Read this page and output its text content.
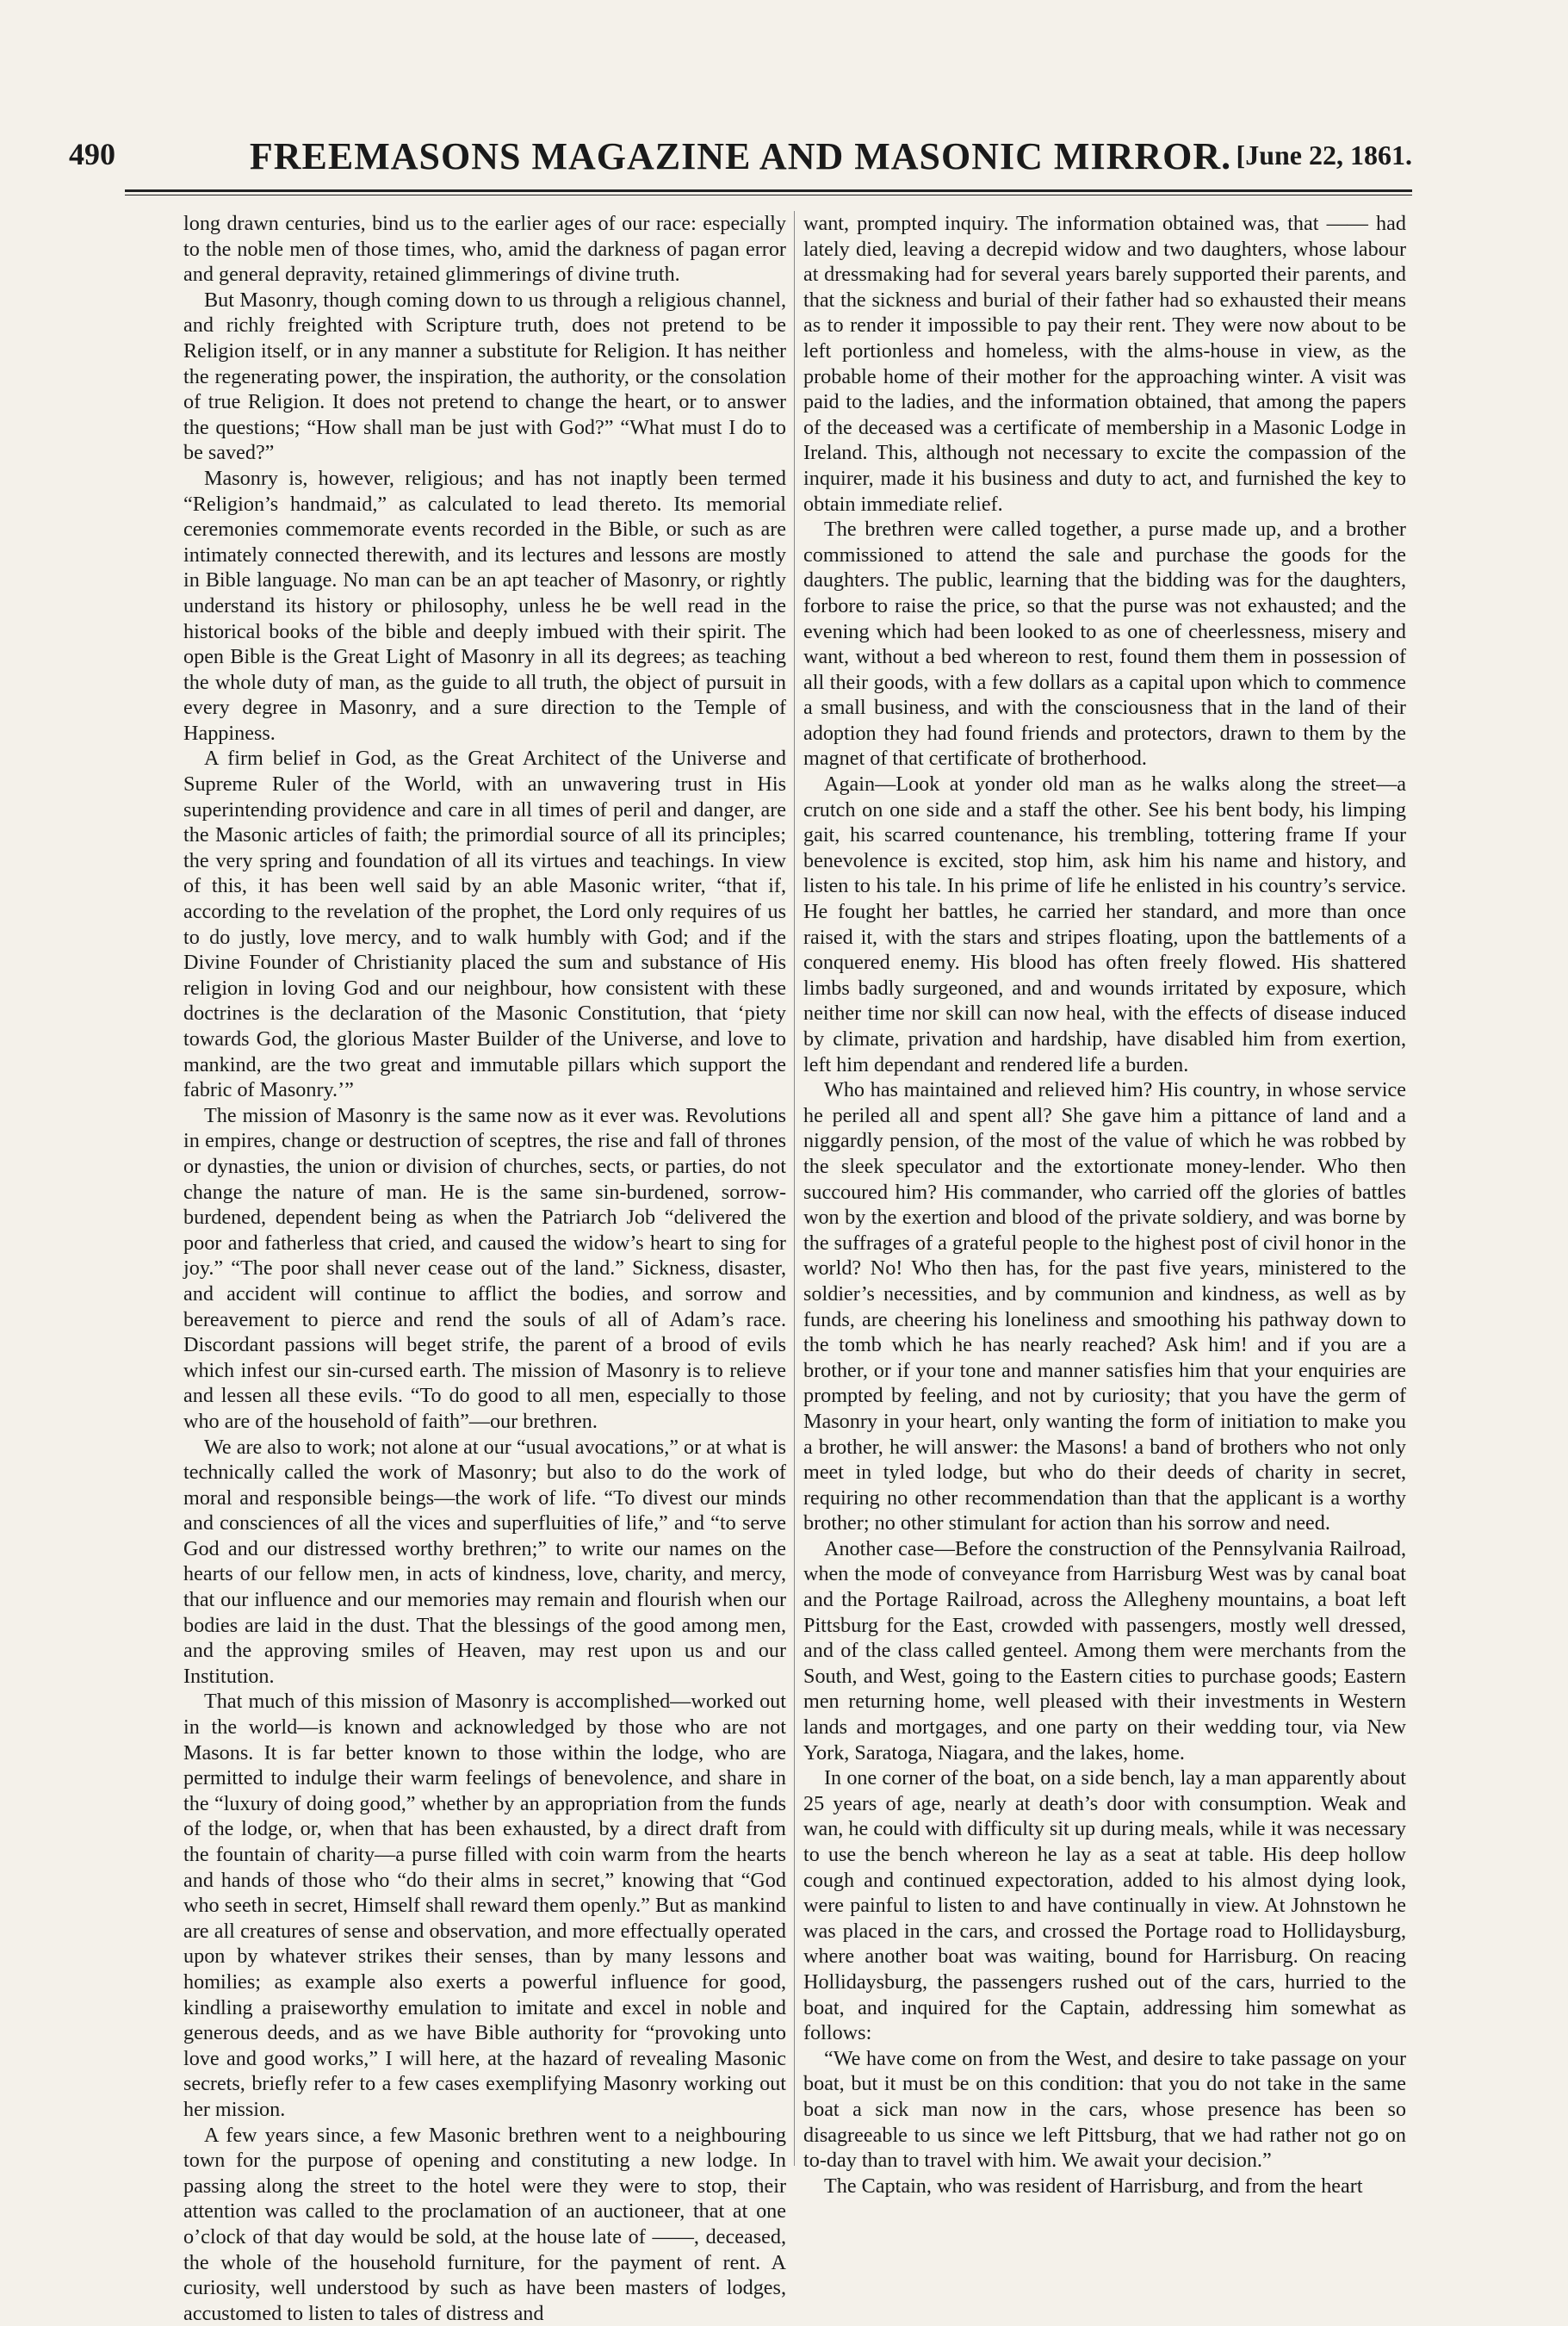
490	FREEMASONS MAGAZINE AND MASONIC MIRROR. [June 22, 1861.

long drawn centuries, bind us to the earlier ages of our race: especially to the noble men of those times, who, amid the darkness of pagan error and general depravity, retained glimmerings of divine truth.

But Masonry, though coming down to us through a religious channel, and richly freighted with Scripture truth, does not pretend to be Religion itself, or in any manner a substitute for Religion. It has neither the regenerating power, the inspiration, the authority, or the consolation of true Religion. It does not pretend to change the heart, or to answer the questions; “How shall man be just with God?” “What must I do to be saved?”

Masonry is, however, religious; and has not inaptly been termed “Religion’s handmaid,” as calculated to lead thereto. Its memorial ceremonies commemorate events recorded in the Bible, or such as are intimately connected therewith, and its lectures and lessons are mostly in Bible language. No man can be an apt teacher of Masonry, or rightly understand its history or philosophy, unless he be well read in the historical books of the bible and deeply imbued with their spirit. The open Bible is the Great Light of Masonry in all its degrees; as teaching the whole duty of man, as the guide to all truth, the object of pursuit in every degree in Masonry, and a sure direction to the Temple of Happiness.

A firm belief in God, as the Great Architect of the Universe and Supreme Ruler of the World, with an unwavering trust in His superintending providence and care in all times of peril and danger, are the Masonic articles of faith; the primordial source of all its principles; the very spring and foundation of all its virtues and teachings. In view of this, it has been well said by an able Masonic writer, “that if, according to the revelation of the prophet, the Lord only requires of us to do justly, love mercy, and to walk humbly with God; and if the Divine Founder of Christianity placed the sum and substance of His religion in loving God and our neighbour, how consistent with these doctrines is the declaration of the Masonic Constitution, that ‘piety towards God, the glorious Master Builder of the Universe, and love to mankind, are the two great and immutable pillars which support the fabric of Masonry.’”

The mission of Masonry is the same now as it ever was. Revolutions in empires, change or destruction of sceptres, the rise and fall of thrones or dynasties, the union or division of churches, sects, or parties, do not change the nature of man. He is the same sin-burdened, sorrow-burdened, dependent being as when the Patriarch Job “delivered the poor and fatherless that cried, and caused the widow’s heart to sing for joy.” “The poor shall never cease out of the land.” Sickness, disaster, and accident will continue to afflict the bodies, and sorrow and bereavement to pierce and rend the souls of all of Adam’s race. Discordant passions will beget strife, the parent of a brood of evils which infest our sin-cursed earth. The mission of Masonry is to relieve and lessen all these evils. “To do good to all men, especially to those who are of the household of faith”—our brethren.

We are also to work; not alone at our “usual avocations,” or at what is technically called the work of Masonry; but also to do the work of moral and responsible beings—the work of life. “To divest our minds and consciences of all the vices and superfluities of life,” and “to serve God and our distressed worthy brethren;” to write our names on the hearts of our fellow men, in acts of kindness, love, charity, and mercy, that our influence and our memories may remain and flourish when our bodies are laid in the dust. That the blessings of the good among men, and the approving smiles of Heaven, may rest upon us and our Institution.

That much of this mission of Masonry is accomplished—worked out in the world—is known and acknowledged by those who are not Masons. It is far better known to those within the lodge, who are permitted to indulge their warm feelings of benevolence, and share in the “luxury of doing good,” whether by an appropriation from the funds of the lodge, or, when that has been exhausted, by a direct draft from the fountain of charity—a purse filled with coin warm from the hearts and hands of those who “do their alms in secret,” knowing that “God who seeth in secret, Himself shall reward them openly.” But as mankind are all creatures of sense and observation, and more effectually operated upon by whatever strikes their senses, than by many lessons and homilies; as example also exerts a powerful influence for good, kindling a praiseworthy emulation to imitate and excel in noble and generous deeds, and as we have Bible authority for “provoking unto love and good works,” I will here, at the hazard of revealing Masonic secrets, briefly refer to a few cases exemplifying Masonry working out her mission.

A few years since, a few Masonic brethren went to a neighbouring town for the purpose of opening and constituting a new lodge. In passing along the street to the hotel were they were to stop, their attention was called to the proclamation of an auctioneer, that at one o’clock of that day would be sold, at the house late of ——, deceased, the whole of the household furniture, for the payment of rent. A curiosity, well understood by such as have been masters of lodges, accustomed to listen to tales of distress and

want, prompted inquiry. The information obtained was, that —— had lately died, leaving a decrepid widow and two daughters, whose labour at dressmaking had for several years barely supported their parents, and that the sickness and burial of their father had so exhausted their means as to render it impossible to pay their rent. They were now about to be left portionless and homeless, with the alms-house in view, as the probable home of their mother for the approaching winter. A visit was paid to the ladies, and the information obtained, that among the papers of the deceased was a certificate of membership in a Masonic Lodge in Ireland. This, although not necessary to excite the compassion of the inquirer, made it his business and duty to act, and furnished the key to obtain immediate relief.

The brethren were called together, a purse made up, and a brother commissioned to attend the sale and purchase the goods for the daughters. The public, learning that the bidding was for the daughters, forbore to raise the price, so that the purse was not exhausted; and the evening which had been looked to as one of cheerlessness, misery and want, without a bed whereon to rest, found them them in possession of all their goods, with a few dollars as a capital upon which to commence a small business, and with the consciousness that in the land of their adoption they had found friends and protectors, drawn to them by the magnet of that certificate of brotherhood.

Again—Look at yonder old man as he walks along the street—a crutch on one side and a staff the other. See his bent body, his limping gait, his scarred countenance, his trembling, tottering frame If your benevolence is excited, stop him, ask him his name and history, and listen to his tale. In his prime of life he enlisted in his country’s service. He fought her battles, he carried her standard, and more than once raised it, with the stars and stripes floating, upon the battlements of a conquered enemy. His blood has often freely flowed. His shattered limbs badly surgeoned, and and wounds irritated by exposure, which neither time nor skill can now heal, with the effects of disease induced by climate, privation and hardship, have disabled him from exertion, left him dependant and rendered life a burden.

Who has maintained and relieved him? His country, in whose service he periled all and spent all? She gave him a pittance of land and a niggardly pension, of the most of the value of which he was robbed by the sleek speculator and the extortionate money-lender. Who then succoured him? His commander, who carried off the glories of battles won by the exertion and blood of the private soldiery, and was borne by the suffrages of a grateful people to the highest post of civil honor in the world? No! Who then has, for the past five years, ministered to the soldier’s necessities, and by communion and kindness, as well as by funds, are cheering his loneliness and smoothing his pathway down to the tomb which he has nearly reached? Ask him! and if you are a brother, or if your tone and manner satisfies him that your enquiries are prompted by feeling, and not by curiosity; that you have the germ of Masonry in your heart, only wanting the form of initiation to make you a brother, he will answer: the Masons! a band of brothers who not only meet in tyled lodge, but who do their deeds of charity in secret, requiring no other recommendation than that the applicant is a worthy brother; no other stimulant for action than his sorrow and need.

Another case—Before the construction of the Pennsylvania Railroad, when the mode of conveyance from Harrisburg West was by canal boat and the Portage Railroad, across the Allegheny mountains, a boat left Pittsburg for the East, crowded with passengers, mostly well dressed, and of the class called genteel. Among them were merchants from the South, and West, going to the Eastern cities to purchase goods; Eastern men returning home, well pleased with their investments in Western lands and mortgages, and one party on their wedding tour, via New York, Saratoga, Niagara, and the lakes, home.

In one corner of the boat, on a side bench, lay a man apparently about 25 years of age, nearly at death’s door with consumption. Weak and wan, he could with difficulty sit up during meals, while it was necessary to use the bench whereon he lay as a seat at table. His deep hollow cough and continued expectoration, added to his almost dying look, were painful to listen to and have continually in view. At Johnstown he was placed in the cars, and crossed the Portage road to Hollidaysburg, where another boat was waiting, bound for Harrisburg. On reacing Hollidaysburg, the passengers rushed out of the cars, hurried to the boat, and inquired for the Captain, addressing him somewhat as follows:

“We have come on from the West, and desire to take passage on your boat, but it must be on this condition: that you do not take in the same boat a sick man now in the cars, whose presence has been so disagreeable to us since we left Pittsburg, that we had rather not go on to-day than to travel with him. We await your decision.”

The Captain, who was resident of Harrisburg, and from the heart
